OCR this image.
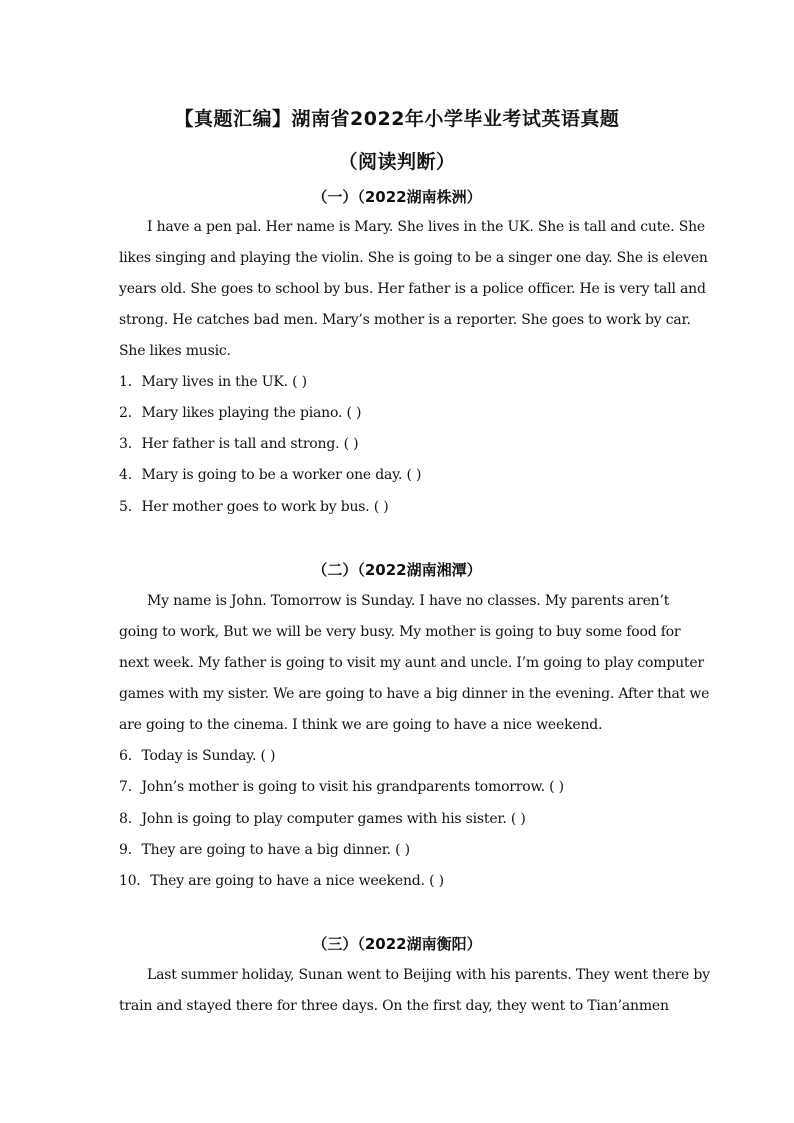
【真题汇编】湖南省2022年小学毕业考试英语真题
（阅读判断）
（一）（2022湖南株洲）
I have a pen pal. Her name is Mary. She lives in the UK. She is tall and cute. She
likes singing and playing the violin. She is going to be a singer one day. She is eleven
years old. She goes to school by bus. Her father is a police officer. He is very tall and
strong. He catches bad men. Mary’s mother is a reporter. She goes to work by car.
She likes music.
1．Mary lives in the UK. ( )
2．Mary likes playing the piano. ( )
3．Her father is tall and strong. ( )
4．Mary is going to be a worker one day. ( )
5．Her mother goes to work by bus. ( )
（二）（2022湖南湘潭）
My name is John. Tomorrow is Sunday. I have no classes. My parents aren’t
going to work, But we will be very busy. My mother is going to buy some food for
next week. My father is going to visit my aunt and uncle. I’m going to play computer
games with my sister. We are going to have a big dinner in the evening. After that we
are going to the cinema. I think we are going to have a nice weekend.
6．Today is Sunday. ( )
7．John’s mother is going to visit his grandparents tomorrow. ( )
8．John is going to play computer games with his sister. ( )
9．They are going to have a big dinner. ( )
10．They are going to have a nice weekend. ( )
（三）（2022湖南衡阳）
Last summer holiday, Sunan went to Beijing with his parents. They went there by
train and stayed there for three days. On the first day, they went to Tian’anmen
